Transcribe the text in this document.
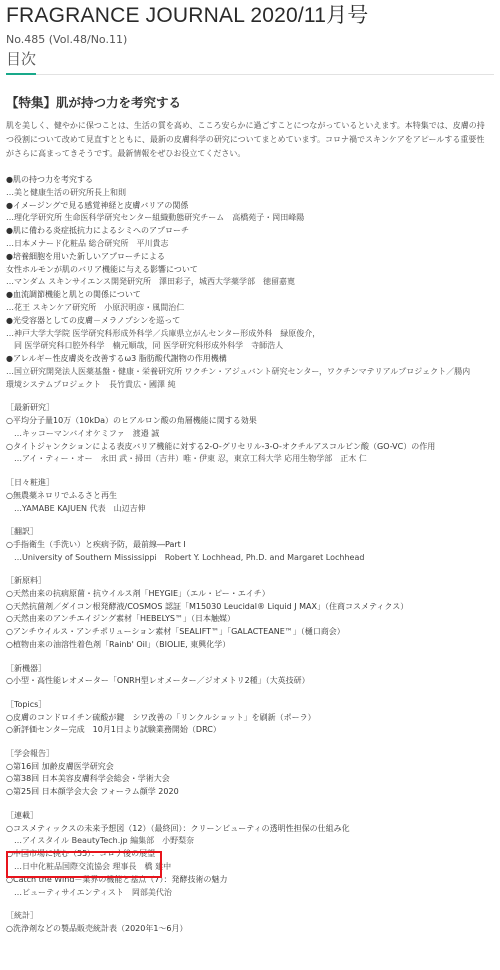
FRAGRANCE JOURNAL 2020/11月号
No.485 (Vol.48/No.11)
目次
【特集】肌が持つ力を考究する
肌を美しく、健やかに保つことは、生活の質を高め、こころ安らかに過ごすことにつながっているといえます。本特集では、皮膚の持
つ役割について改めて見直すとともに、最新の皮膚科学の研究についてまとめています。コロナ禍でスキンケアをアピールする重要性
がさらに高まってきそうです。最新情報をぜひお役立てください。
●肌の持つ力を考究する
…美と健康生活の研究所長上和則
●イメージングで見る感覚神経と皮膚バリアの関係
…理化学研究所 生命医科学研究センター組織動態研究チーム　高橋苑子・岡田峰陽
●肌に備わる炎症抵抗力によるシミへのアプローチ
…日本メナード化粧品 総合研究所　平川貴志
●培養細胞を用いた新しいアプローチによる
女性ホルモンが肌のバリア機能に与える影響について
…マンダム スキンサイエンス開発研究所　澤田彩子，城西大学薬学部　徳留嘉寛
●血流調節機能と肌との関係について
…花王 スキンケア研究所　小原沢明彦・風間治仁
●光受容器としての皮膚－メラノプシンを巡って
…神戸大学大学院 医学研究科形成外科学／兵庫県立がんセンター形成外科　緑原俊介，
　同 医学研究科口腔外科学　楠元順哉，同 医学研究科形成外科学　寺師浩人
●アレルギー性皮膚炎を改善するω3 脂肪酸代謝物の作用機構
…国立研究開発法人医薬基盤・健康・栄養研究所 ワクチン・アジュバント研究センター，ワクチンマテリアルプロジェクト／腸内
環境システムプロジェクト　長竹貴広・國澤 純
［最新研究］
○平均分子量10万（10kDa）のヒアルロン酸の角層機能に関する効果
　…キッコーマンバイオケミファ　渡邉 誠
○タイトジャンクションによる表皮バリア機能に対する2-O-グリセリル-3-O-オクチルアスコルビン酸（GO-VC）の作用
　…アイ・ティー・オー　永田 武・掃田（吉井）唯・伊東 忍，東京工科大学 応用生物学部　正木 仁
［日々粧進］
○無農薬ネロリでふるさと再生
　…YAMABE KAJUEN 代表　山辺吉伸
［翻訳］
○手指衛生（手洗い）と疾病予防，最前線―Part Ⅰ
　…University of Southern Mississippi　Robert Y. Lochhead, Ph.D. and Margaret Lochhead
［新原料］
○天然由来の抗病原菌・抗ウイルス剤「HEYGIE」（エル・ピー・エイチ）
○天然抗菌剤／ダイコン根発酵液/COSMOS 認証「M15030 Leucidal® Liquid J MAX」（住商コスメティクス）
○天然由来のアンチエイジング素材「HEBELYS™」（日本触媒）
○アンチウイルス・アンチポリューション素材「SEALIFT™」「GALACTEANE™」（樋口商会）
○植物由来の油溶性着色剤「Rainb' Oil」（BIOLIE, 東興化学）
［新機器］
○小型・高性能レオメーター「ONRH型レオメーター／ジオメトリ2種」（大英技研）
［Topics］
○皮膚のコンドロイチン硫酸が鍵　シワ改善の「リンクルショット」を刷新（ポーラ）
○新評価センター完成　10月1日より試験業務開始（DRC）
［学会報告］
○第16回 加齢皮膚医学研究会
○第38回 日本美容皮膚科学会総会・学術大会
○第25回 日本顔学会大会 フォーラム顔学 2020
［連載］
○コスメティックスの未来予想図（12）（最終回）：クリーンビューティの透明性担保の仕組み化
　…アイスタイル BeautyTech.jp 編集部　小野梨奈
○中国市場に挑む（55）：コロナ後の展望
　…日中化粧品国際交流協会 理事長　橋 建中
○Catch the Wind－業界の機能と基点（7）：発酵技術の魅力
　…ビューティサイエンティスト　岡部美代治
［統計］
○洗浄剤などの製品販売統計表（2020年1～6月）
